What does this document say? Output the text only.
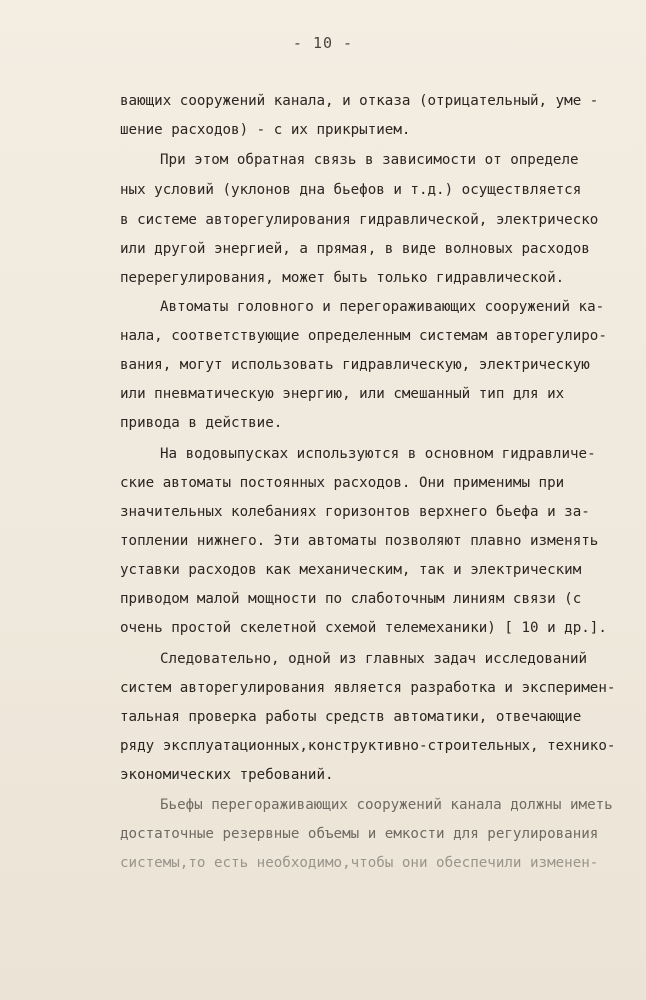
- 10 -
вающих сооружений канала, и отказа (отрицательный, уме -
шение расходов) - с их прикрытием.
При этом обратная связь в зависимости от определе
ных условий (уклонов дна бьефов и т.д.) осуществляется
в системе авторегулирования гидравлической, электрическо
или другой энергией, а прямая, в виде волновых расходов
перерегулирования, может быть только гидравлической.
Автоматы головного и перегораживающих сооружений ка-
нала, соответствующие определенным системам авторегулиро-
вания, могут использовать гидравлическую, электрическую
или пневматическую энергию, или смешанный тип для их
привода в действие.
На водовыпусках используются в основном гидравличе-
ские автоматы постоянных расходов. Они применимы при
значительных колебаниях горизонтов верхнего бьефа и за-
топлении нижнего. Эти автоматы позволяют плавно изменять
уставки расходов как механическим, так и электрическим
приводом малой мощности по слаботочным линиям связи (с
очень простой скелетной схемой телемеханики) [ 10 и др.].
Следовательно, одной из главных задач исследований
систем авторегулирования является разработка и эксперимен-
тальная проверка работы средств автоматики, отвечающие
ряду эксплуатационных,конструктивно-строительных, технико-
экономических требований.
Бьефы перегораживающих сооружений канала должны иметь
достаточные резервные объемы и емкости для регулирования
системы,то есть необходимо,чтобы они обеспечили изменен-
